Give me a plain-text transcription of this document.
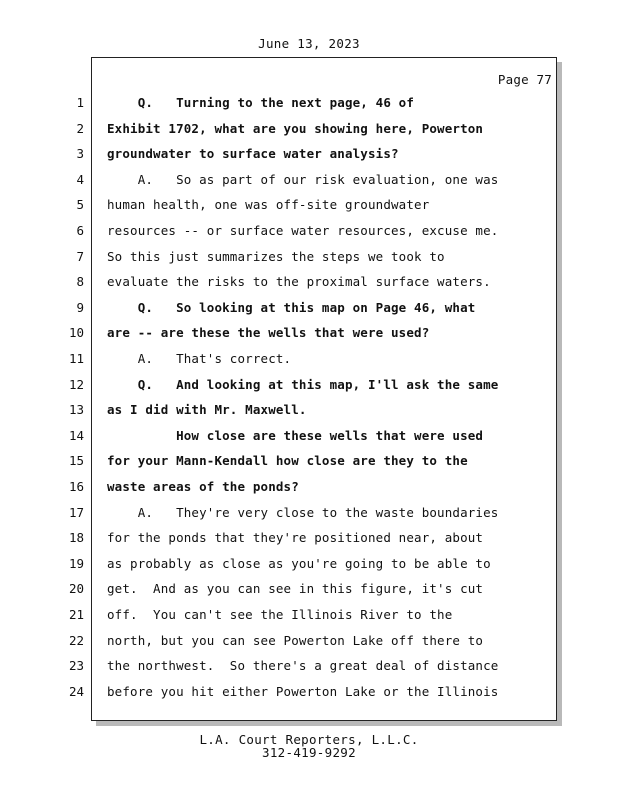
June 13, 2023
Page 77
1 Q.   Turning to the next page, 46 of
2 Exhibit 1702, what are you showing here, Powerton
3 groundwater to surface water analysis?
4 A.   So as part of our risk evaluation, one was
5 human health, one was off-site groundwater
6 resources -- or surface water resources, excuse me.
7 So this just summarizes the steps we took to
8 evaluate the risks to the proximal surface waters.
9 Q.   So looking at this map on Page 46, what
10 are -- are these the wells that were used?
11 A.   That's correct.
12 Q.   And looking at this map, I'll ask the same
13 as I did with Mr. Maxwell.
14 How close are these wells that were used
15 for your Mann-Kendall how close are they to the
16 waste areas of the ponds?
17 A.   They're very close to the waste boundaries
18 for the ponds that they're positioned near, about
19 as probably as close as you're going to be able to
20 get.  And as you can see in this figure, it's cut
21 off.  You can't see the Illinois River to the
22 north, but you can see Powerton Lake off there to
23 the northwest.  So there's a great deal of distance
24 before you hit either Powerton Lake or the Illinois
L.A. Court Reporters, L.L.C.
312-419-9292
